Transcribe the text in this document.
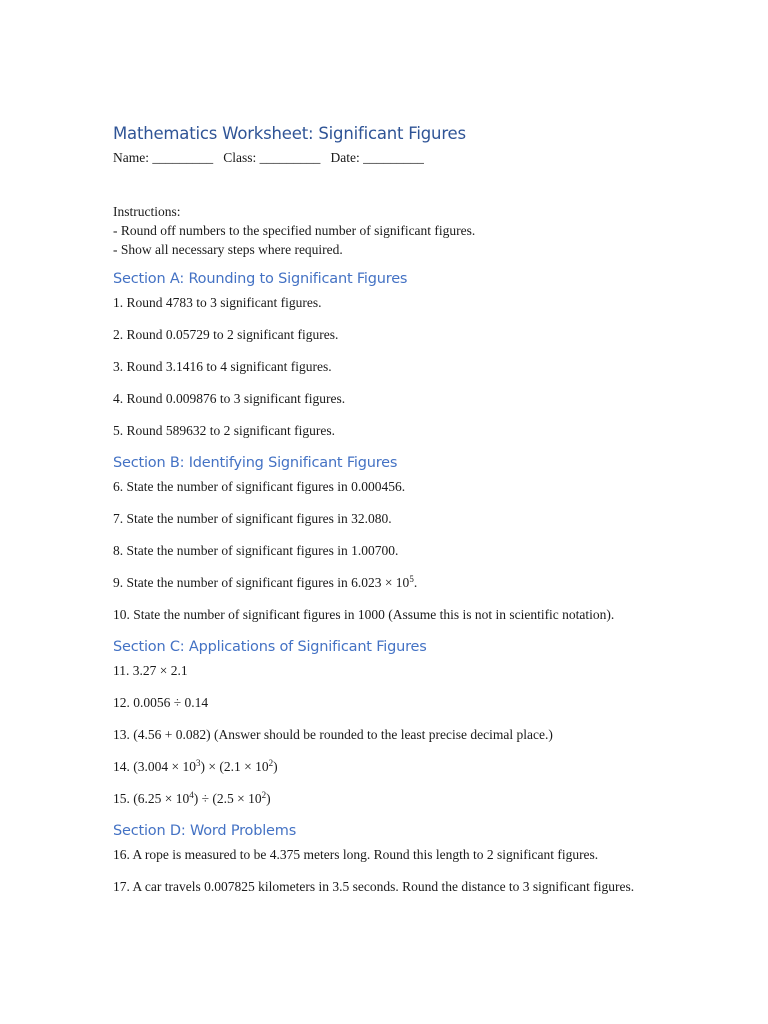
Mathematics Worksheet: Significant Figures
Name: _________   Class: _________   Date: _________
Instructions:
- Round off numbers to the specified number of significant figures.
- Show all necessary steps where required.
Section A: Rounding to Significant Figures
1. Round 4783 to 3 significant figures.
2. Round 0.05729 to 2 significant figures.
3. Round 3.1416 to 4 significant figures.
4. Round 0.009876 to 3 significant figures.
5. Round 589632 to 2 significant figures.
Section B: Identifying Significant Figures
6. State the number of significant figures in 0.000456.
7. State the number of significant figures in 32.080.
8. State the number of significant figures in 1.00700.
9. State the number of significant figures in $6.023 \times 10^5$.
10. State the number of significant figures in 1000 (Assume this is not in scientific notation).
Section C: Applications of Significant Figures
11. 3.27 × 2.1
12. 0.0056 ÷ 0.14
13. (4.56 + 0.082) (Answer should be rounded to the least precise decimal place.)
14. $(3.004 \times 10^3) \times (2.1 \times 10^2)$
15. $(6.25 \times 10^4) \div (2.5 \times 10^2)$
Section D: Word Problems
16. A rope is measured to be 4.375 meters long. Round this length to 2 significant figures.
17. A car travels 0.007825 kilometers in 3.5 seconds. Round the distance to 3 significant figures.
